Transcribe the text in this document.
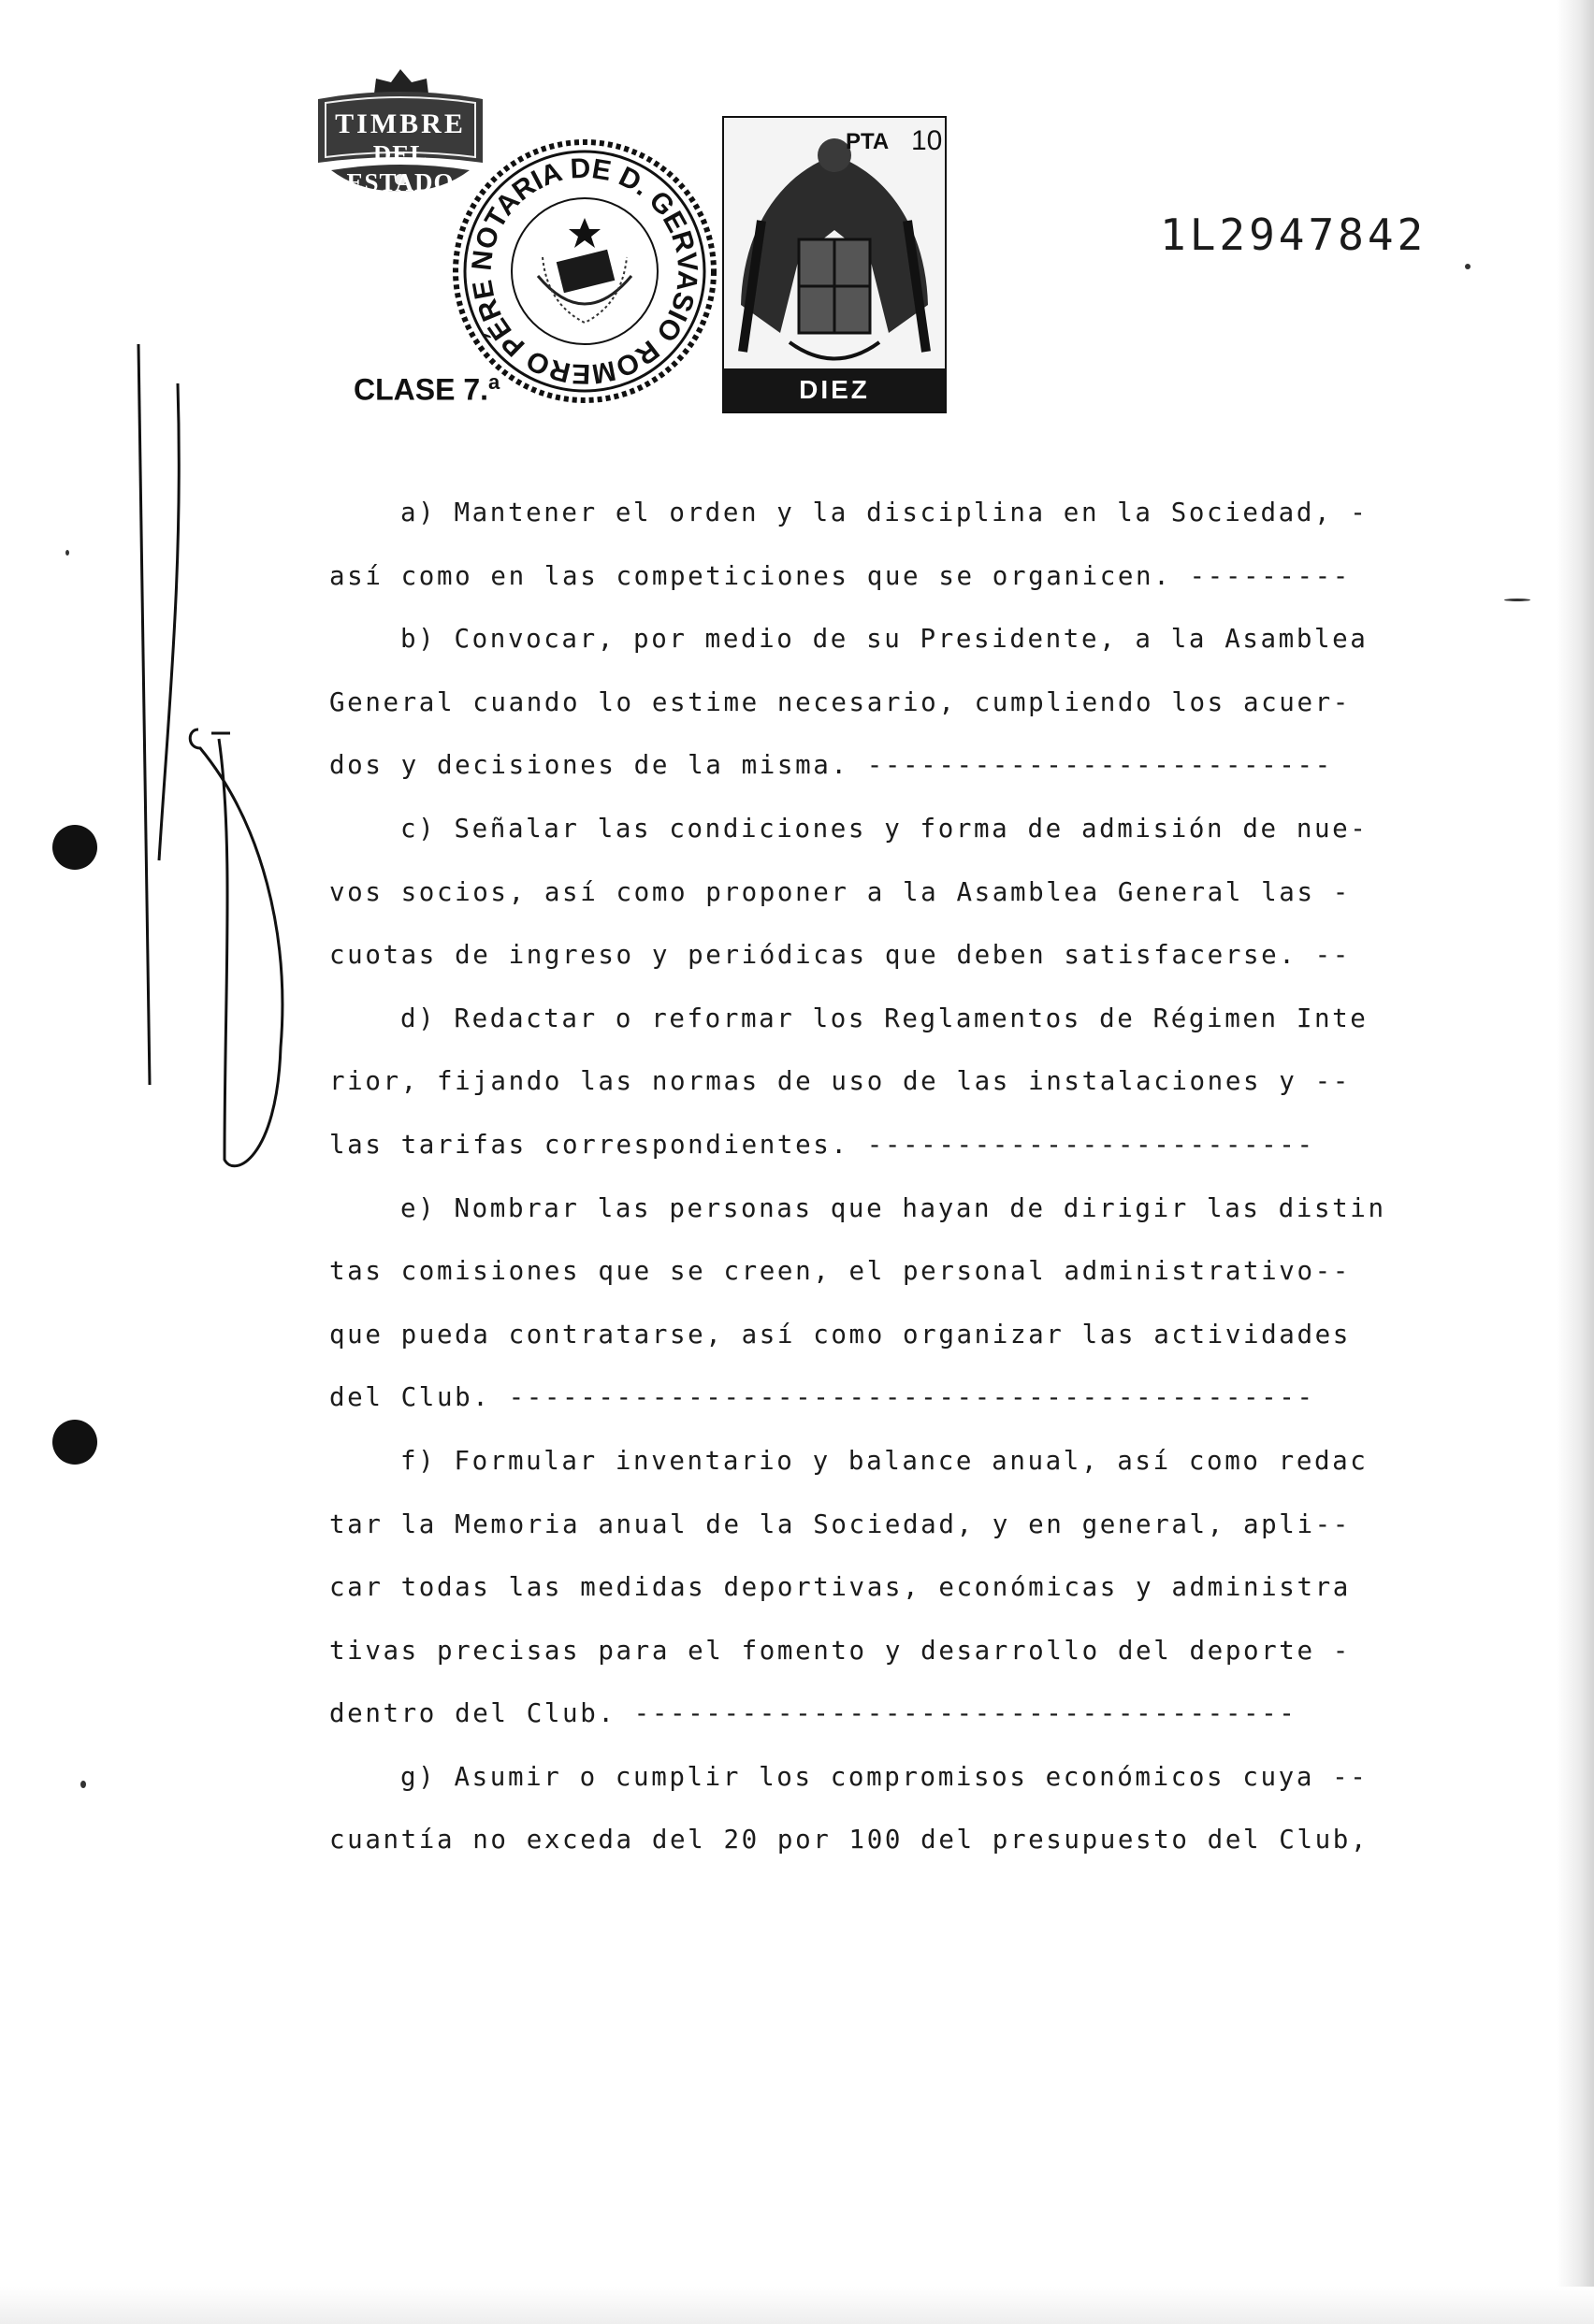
TIMBRE
DEL ESTADO
NOTARIA DE D. GERVASIO ROMERO PÉRE
PTA 10
DIEZ PESETAS
1L2947842
CLASE 7.$^a$
a) Mantener el orden y la disciplina en la Sociedad, -
así como en las competiciones que se organicen. ---------
b) Convocar, por medio de su Presidente, a la Asamblea
General cuando lo estime necesario, cumpliendo los acuer-
dos y decisiones de la misma. --------------------------
c) Señalar las condiciones y forma de admisión de nue-
vos socios, así como proponer a la Asamblea General las -
cuotas de ingreso y periódicas que deben satisfacerse. --
d) Redactar o reformar los Reglamentos de Régimen Inte
rior, fijando las normas de uso de las instalaciones y --
las tarifas correspondientes. -------------------------
e) Nombrar las personas que hayan de dirigir las distin
tas comisiones que se creen, el personal administrativo--
que pueda contratarse, así como organizar las actividades
del Club. ---------------------------------------------
f) Formular inventario y balance anual, así como redac
tar la Memoria anual de la Sociedad, y en general, apli--
car todas las medidas deportivas, económicas y administra
tivas precisas para el fomento y desarrollo del deporte -
dentro del Club. -------------------------------------
g) Asumir o cumplir los compromisos económicos cuya --
cuantía no exceda del 20 por 100 del presupuesto del Club,
